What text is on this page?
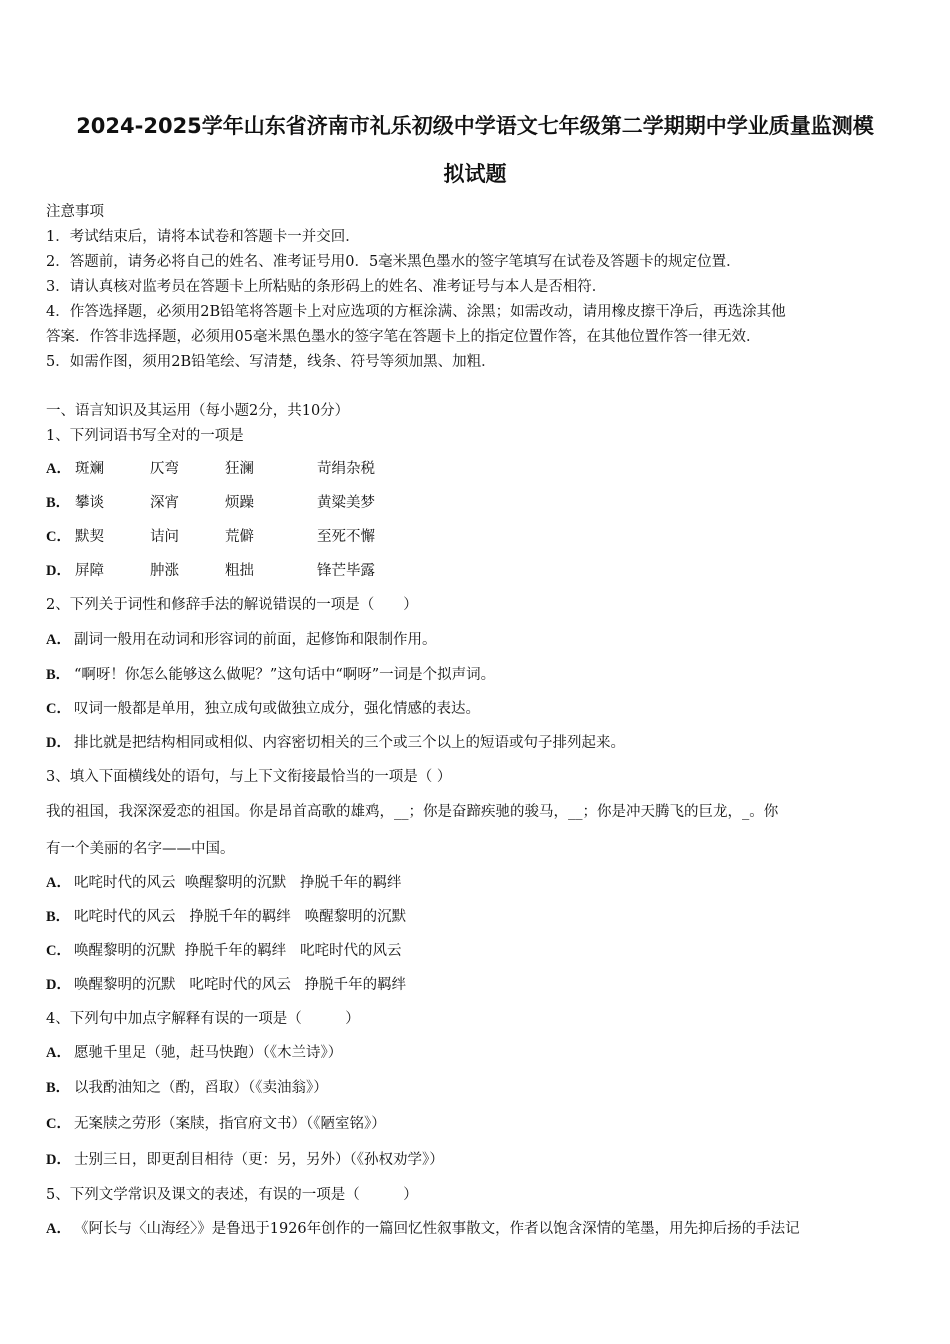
2024-2025学年山东省济南市礼乐初级中学语文七年级第二学期期中学业质量监测模
拟试题
注意事项
1．考试结束后，请将本试卷和答题卡一并交回．
2．答题前，请务必将自己的姓名、准考证号用0．5毫米黑色墨水的签字笔填写在试卷及答题卡的规定位置．
3．请认真核对监考员在答题卡上所粘贴的条形码上的姓名、准考证号与本人是否相符．
4．作答选择题，必须用2B铅笔将答题卡上对应选项的方框涂满、涂黑；如需改动，请用橡皮擦干净后，再选涂其他
答案．作答非选择题，必须用05毫米黑色墨水的签字笔在答题卡上的指定位置作答，在其他位置作答一律无效．
5．如需作图，须用2B铅笔绘、写清楚，线条、符号等须加黑、加粗．
一、语言知识及其运用（每小题2分，共10分）
1、下列词语书写全对的一项是
A． 斑斓	仄弯	狂澜	苛绢杂税
B． 攀谈	深宵	烦躁	黄粱美梦
C． 默契	诘问	荒僻	至死不懈
D． 屏障	肿涨	粗拙	锋芒毕露
2、下列关于词性和修辞手法的解说错误的一项是（　　）
A． 副词一般用在动词和形容词的前面，起修饰和限制作用。
B． “啊呀！你怎么能够这么做呢？”这句话中“啊呀”一词是个拟声词。
C． 叹词一般都是单用，独立成句或做独立成分，强化情感的表达。
D． 排比就是把结构相同或相似、内容密切相关的三个或三个以上的短语或句子排列起来。
3、填入下面横线处的语句，与上下文衔接最恰当的一项是（ ）
我的祖国，我深深爱恋的祖国。你是昂首高歌的雄鸡，__；你是奋蹄疾驰的骏马，__；你是冲天腾飞的巨龙，_。你
有一个美丽的名字——中国。
A． 叱咤时代的风云  唤醒黎明的沉默   挣脱千年的羁绊
B． 叱咤时代的风云   挣脱千年的羁绊   唤醒黎明的沉默
C． 唤醒黎明的沉默  挣脱千年的羁绊   叱咤时代的风云
D． 唤醒黎明的沉默   叱咤时代的风云   挣脱千年的羁绊
4、下列句中加点字解释有误的一项是（　　　）
A． 愿驰千里足（驰，赶马快跑）（《木兰诗》）
B． 以我酌油知之（酌，舀取）（《卖油翁》）
C． 无案牍之劳形（案牍，指官府文书）（《陋室铭》）
D． 士别三日，即更刮目相待（更：另，另外）（《孙权劝学》）
5、下列文学常识及课文的表述，有误的一项是（　　　）
A． 《阿长与〈山海经〉》是鲁迅于1926年创作的一篇回忆性叙事散文，作者以饱含深情的笔墨，用先抑后扬的手法记
